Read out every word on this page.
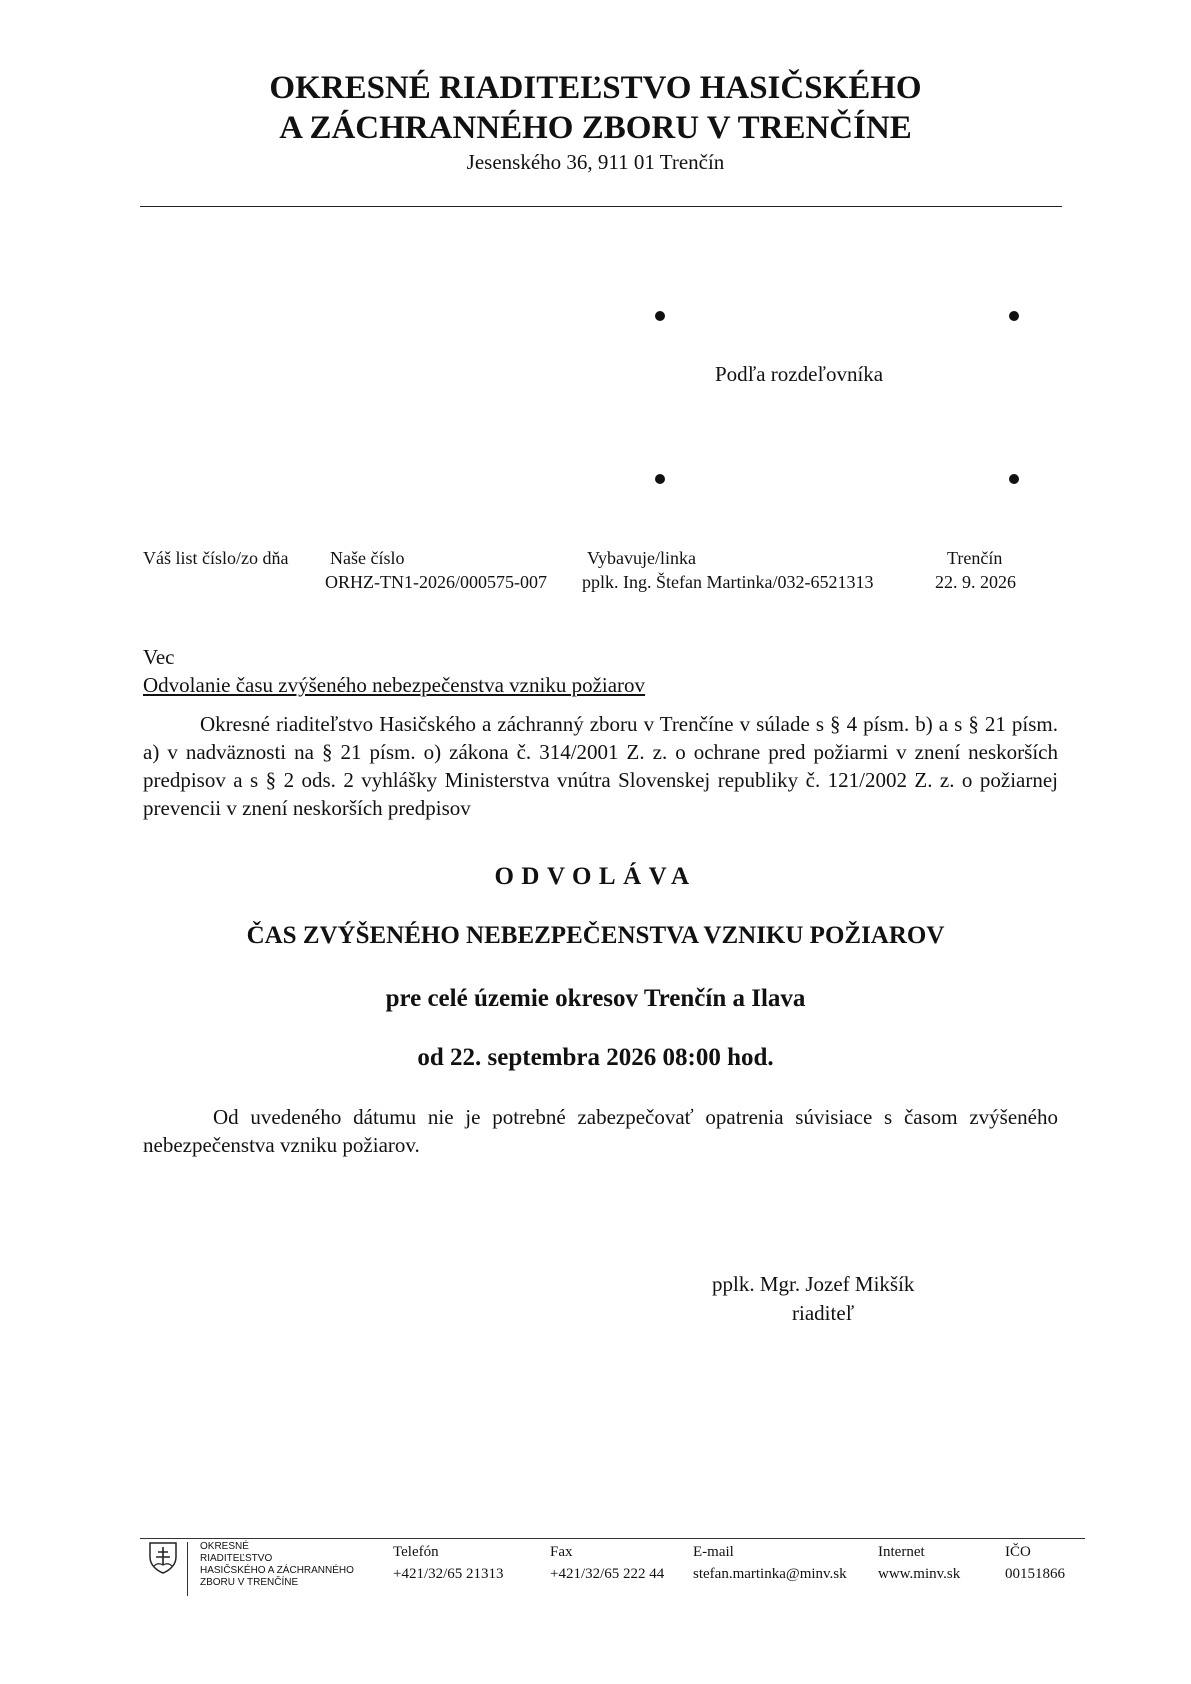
OKRESNÉ RIADITEĽSTVO HASIČSKÉHO
A ZÁCHRANNÉHO ZBORU V TRENČÍNE
Jesenského 36, 911 01 Trenčín
Podľa rozdeľovníka
Váš list číslo/zo dňa Naše číslo
ORHZ-TN1-2026/000575-007
Vybavuje/linka
pplk. Ing. Štefan Martinka/032-6521313
Trenčín
22. 9. 2026
Vec
Odvolanie času zvýšeného nebezpečenstva vzniku požiarov
Okresné riaditeľstvo Hasičského a záchranný zboru v Trenčíne v súlade s § 4 písm. b) a s § 21 písm. a) v nadväznosti na § 21 písm. o) zákona č. 314/2001 Z. z. o ochrane pred požiarmi v znení neskorších predpisov a s § 2 ods. 2 vyhlášky Ministerstva vnútra Slovenskej republiky č. 121/2002 Z. z. o požiarnej prevencii v znení neskorších predpisov
ODVOLÁVA
ČAS ZVÝŠENÉHO NEBEZPEČENSTVA VZNIKU POŽIAROV
pre celé územie okresov Trenčín a Ilava
od 22. septembra 2026 08:00 hod.
Od uvedeného dátumu nie je potrebné zabezpečovať opatrenia súvisiace s časom zvýšeného nebezpečenstva vzniku požiarov.
pplk. Mgr. Jozef Mikšík
riaditeľ
OKRESNÉ
RIADITEĽSTVO
HASIČSKÉHO A ZÁCHRANNÉHO
ZBORU V TRENČÍNE
Telefón
+421/32/65 21313
Fax
+421/32/65 222 44
E-mail
stefan.martinka@minv.sk
Internet
www.minv.sk
IČO
00151866
